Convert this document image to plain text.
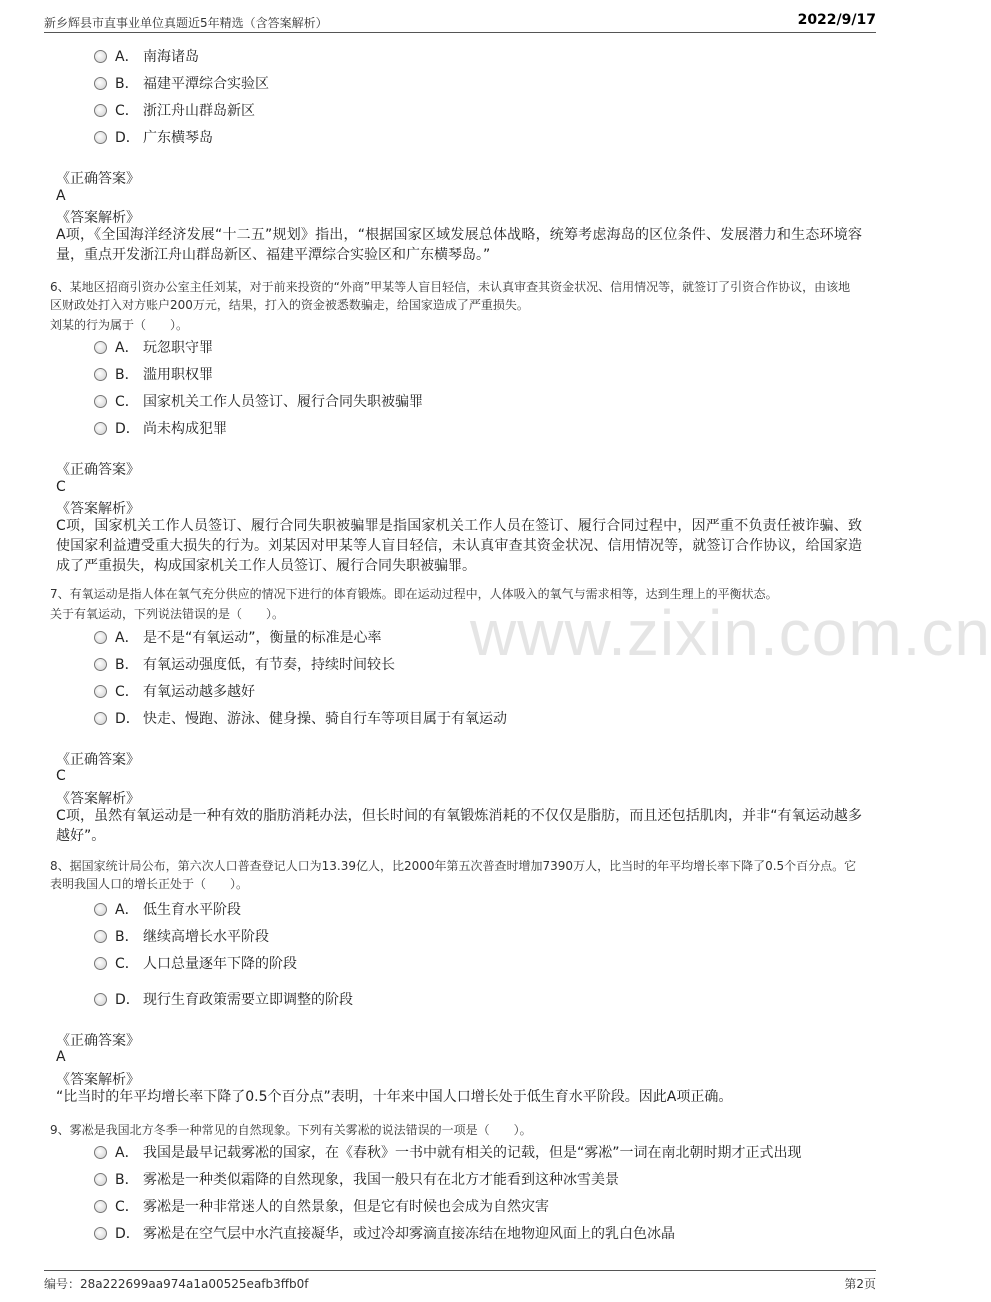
新乡辉县市直事业单位真题近5年精选（含答案解析）	2022/9/17
www.zixin.com.cn
A． 南海诸岛
B． 福建平潭综合实验区
C． 浙江舟山群岛新区
D． 广东横琴岛
《正确答案》
A
《答案解析》
A项，《全国海洋经济发展“十二五”规划》指出，“根据国家区域发展总体战略，统筹考虑海岛的区位条件、发展潜力和生态环境容量，重点开发浙江舟山群岛新区、福建平潭综合实验区和广东横琴岛。”
6、某地区招商引资办公室主任刘某，对于前来投资的“外商”甲某等人盲目轻信，未认真审查其资金状况、信用情况等，就签订了引资合作协议，由该地区财政处打入对方账户200万元，结果，打入的资金被悉数骗走，给国家造成了严重损失。
刘某的行为属于（　　）。
A． 玩忽职守罪
B． 滥用职权罪
C． 国家机关工作人员签订、履行合同失职被骗罪
D． 尚未构成犯罪
《正确答案》
C
《答案解析》
C项，国家机关工作人员签订、履行合同失职被骗罪是指国家机关工作人员在签订、履行合同过程中，因严重不负责任被诈骗、致使国家利益遭受重大损失的行为。刘某因对甲某等人盲目轻信，未认真审查其资金状况、信用情况等，就签订合作协议，给国家造成了严重损失，构成国家机关工作人员签订、履行合同失职被骗罪。
7、有氧运动是指人体在氧气充分供应的情况下进行的体育锻炼。即在运动过程中，人体吸入的氧气与需求相等，达到生理上的平衡状态。
关于有氧运动，下列说法错误的是（　　）。
A． 是不是“有氧运动”，衡量的标准是心率
B． 有氧运动强度低，有节奏，持续时间较长
C． 有氧运动越多越好
D． 快走、慢跑、游泳、健身操、骑自行车等项目属于有氧运动
《正确答案》
C
《答案解析》
C项，虽然有氧运动是一种有效的脂肪消耗办法，但长时间的有氧锻炼消耗的不仅仅是脂肪，而且还包括肌肉，并非“有氧运动越多越好”。
8、据国家统计局公布，第六次人口普查登记人口为13.39亿人，比2000年第五次普查时增加7390万人，比当时的年平均增长率下降了0.5个百分点。它表明我国人口的增长正处于（　　）。
A． 低生育水平阶段
B． 继续高增长水平阶段
C． 人口总量逐年下降的阶段
D． 现行生育政策需要立即调整的阶段
《正确答案》
A
《答案解析》
“比当时的年平均增长率下降了0.5个百分点”表明，十年来中国人口增长处于低生育水平阶段。因此A项正确。
9、雾凇是我国北方冬季一种常见的自然现象。下列有关雾凇的说法错误的一项是（　　）。
A． 我国是最早记载雾凇的国家，在《春秋》一书中就有相关的记载，但是“雾凇”一词在南北朝时期才正式出现
B． 雾凇是一种类似霜降的自然现象，我国一般只有在北方才能看到这种冰雪美景
C． 雾凇是一种非常迷人的自然景象，但是它有时候也会成为自然灾害
D． 雾凇是在空气层中水汽直接凝华，或过冷却雾滴直接冻结在地物迎风面上的乳白色冰晶
编号：28a222699aa974a1a00525eafb3ffb0f	第2页
